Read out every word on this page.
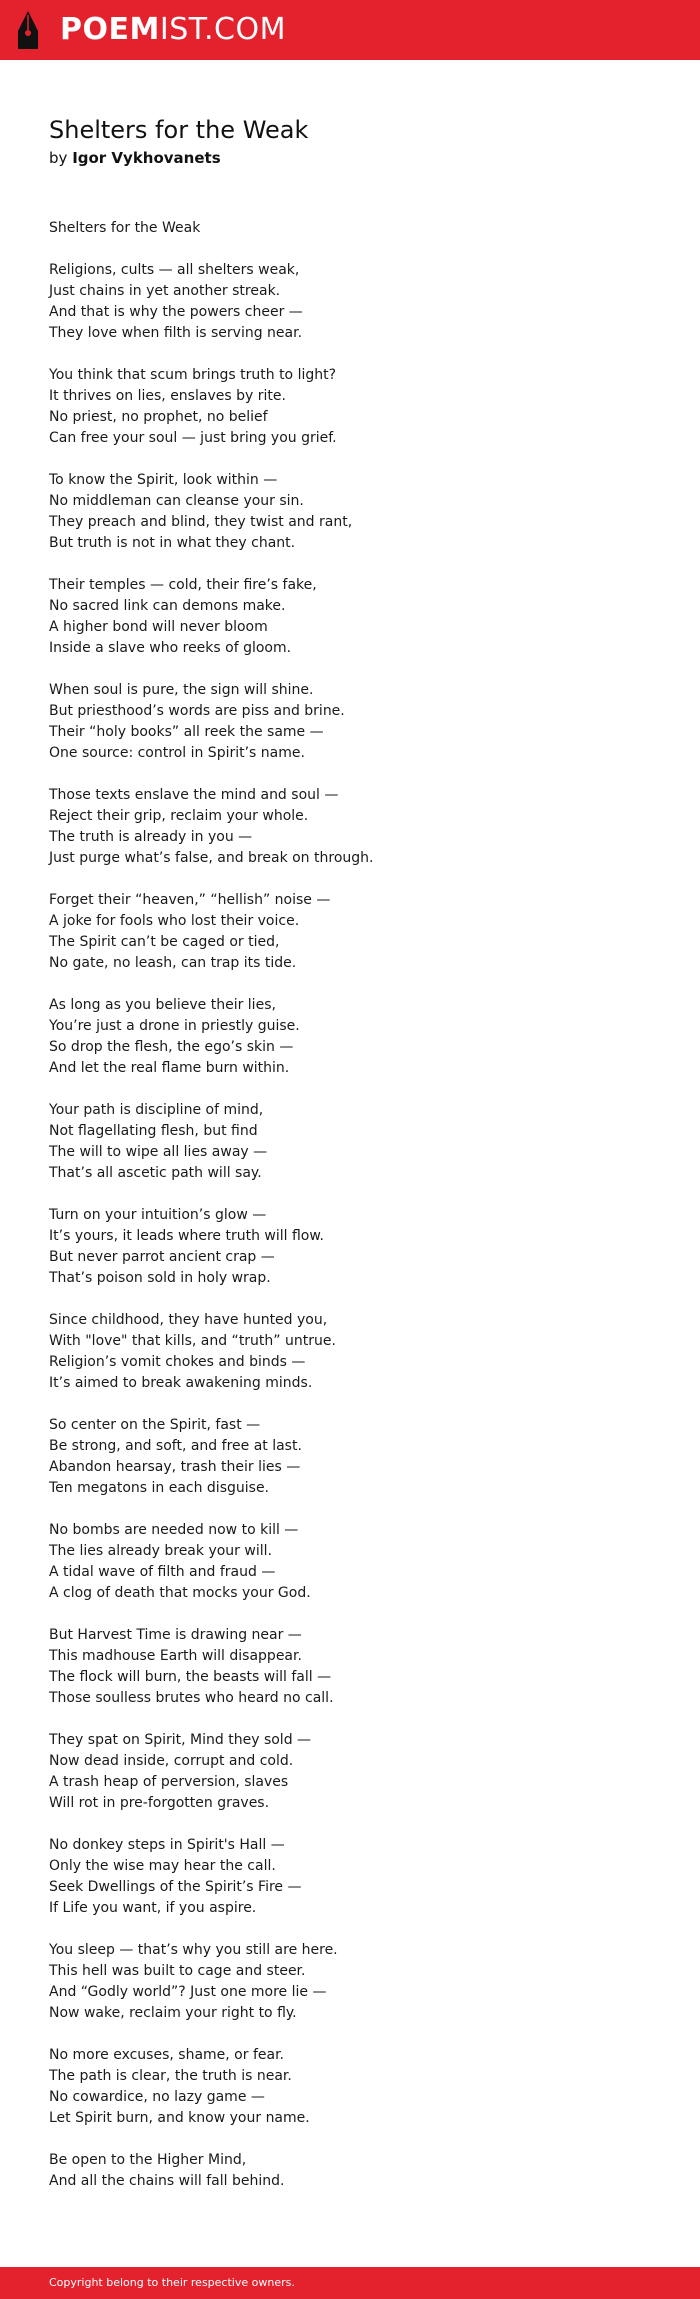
POEMIST.COM
Shelters for the Weak
by Igor Vykhovanets
Shelters for the Weak
Religions, cults — all shelters weak,
Just chains in yet another streak.
And that is why the powers cheer —
They love when filth is serving near.
You think that scum brings truth to light?
It thrives on lies, enslaves by rite.
No priest, no prophet, no belief
Can free your soul — just bring you grief.
To know the Spirit, look within —
No middleman can cleanse your sin.
They preach and blind, they twist and rant,
But truth is not in what they chant.
Their temples — cold, their fire’s fake,
No sacred link can demons make.
A higher bond will never bloom
Inside a slave who reeks of gloom.
When soul is pure, the sign will shine.
But priesthood’s words are piss and brine.
Their “holy books” all reek the same —
One source: control in Spirit’s name.
Those texts enslave the mind and soul —
Reject their grip, reclaim your whole.
The truth is already in you —
Just purge what’s false, and break on through.
Forget their “heaven,” “hellish” noise —
A joke for fools who lost their voice.
The Spirit can’t be caged or tied,
No gate, no leash, can trap its tide.
As long as you believe their lies,
You’re just a drone in priestly guise.
So drop the flesh, the ego’s skin —
And let the real flame burn within.
Your path is discipline of mind,
Not flagellating flesh, but find
The will to wipe all lies away —
That’s all ascetic path will say.
Turn on your intuition’s glow —
It’s yours, it leads where truth will flow.
But never parrot ancient crap —
That’s poison sold in holy wrap.
Since childhood, they have hunted you,
With "love" that kills, and “truth” untrue.
Religion’s vomit chokes and binds —
It’s aimed to break awakening minds.
So center on the Spirit, fast —
Be strong, and soft, and free at last.
Abandon hearsay, trash their lies —
Ten megatons in each disguise.
No bombs are needed now to kill —
The lies already break your will.
A tidal wave of filth and fraud —
A clog of death that mocks your God.
But Harvest Time is drawing near —
This madhouse Earth will disappear.
The flock will burn, the beasts will fall —
Those soulless brutes who heard no call.
They spat on Spirit, Mind they sold —
Now dead inside, corrupt and cold.
A trash heap of perversion, slaves
Will rot in pre-forgotten graves.
No donkey steps in Spirit's Hall —
Only the wise may hear the call.
Seek Dwellings of the Spirit’s Fire —
If Life you want, if you aspire.
You sleep — that’s why you still are here.
This hell was built to cage and steer.
And “Godly world”? Just one more lie —
Now wake, reclaim your right to fly.
No more excuses, shame, or fear.
The path is clear, the truth is near.
No cowardice, no lazy game —
Let Spirit burn, and know your name.
Be open to the Higher Mind,
And all the chains will fall behind.
Copyright belong to their respective owners.
